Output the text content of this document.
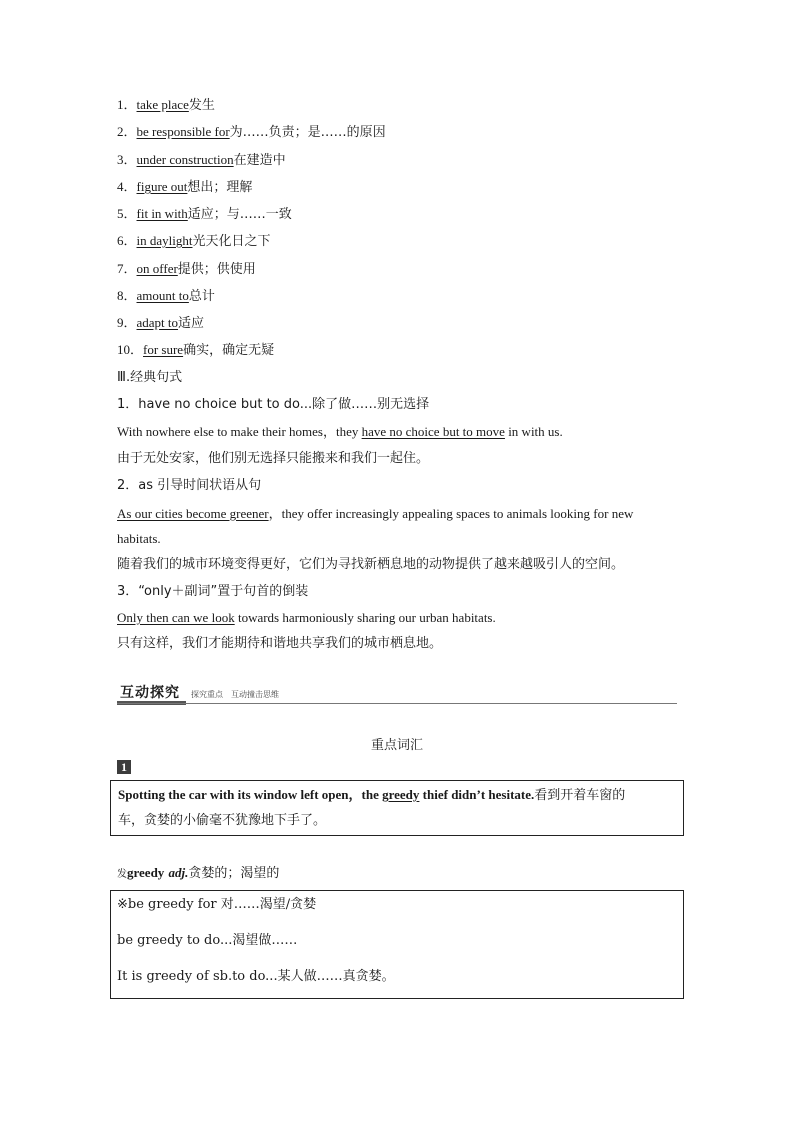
1．take place发生
2．be responsible for为……负责；是……的原因
3．under construction在建造中
4．figure out想出；理解
5．fit in with适应；与……一致
6．in daylight光天化日之下
7．on offer提供；供使用
8．amount to总计
9．adapt to适应
10．for sure确实，确定无疑
Ⅲ.经典句式
1．have no choice but to do...除了做……别无选择
With nowhere else to make their homes，they have no choice but to move in with us.
由于无处安家，他们别无选择只能搬来和我们一起住。
2．as 引导时间状语从句
As our cities become greener，they offer increasingly appealing spaces to animals looking for new
habitats.
随着我们的城市环境变得更好，它们为寻找新栖息地的动物提供了越来越吸引人的空间。
3．“only＋副词”置于句首的倒装
Only then can we look towards harmoniously sharing our urban habitats.
只有这样，我们才能期待和谐地共享我们的城市栖息地。
互动探究 探究重点　互动撞击思维
重点词汇
1
Spotting the car with its window left open，the greedy thief didn’t hesitate.看到开着车窗的
车，贪婪的小偷毫不犹豫地下手了。
发greedy adj.贪婪的；渴望的
※be greedy for 对……渴望/贪婪
be greedy to do...渴望做……
It is greedy of sb.to do...某人做……真贪婪。
